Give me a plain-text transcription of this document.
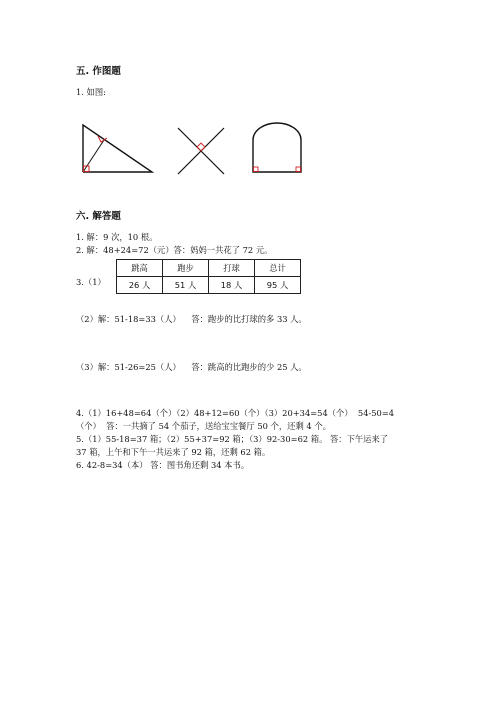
五. 作图题
1. 如图:
六. 解答题
1. 解：9 次，10 根。
2. 解：48+24=72（元）答：妈妈一共花了 72 元。
3.（1）
跳高	跑步	打球	总计
26 人	51 人	18 人	95 人
（2）解：51-18=33（人）    答：跑步的比打球的多 33 人。
（3）解：51-26=25（人）    答：跳高的比跑步的少 25 人。
4.（1）16+48=64（个）（2）48+12=60（个）（3）20+34=54（个）  54-50=4
（个）  答：一共摘了 54 个茄子，送给宝宝餐厅 50 个，还剩 4 个。
5.（1）55-18=37 箱；（2）55+37=92 箱；（3）92-30=62 箱。 答：下午运来了
37 箱，上午和下午一共运来了 92 箱，还剩 62 箱。
6. 42-8=34（本） 答：图书角还剩 34 本书。
